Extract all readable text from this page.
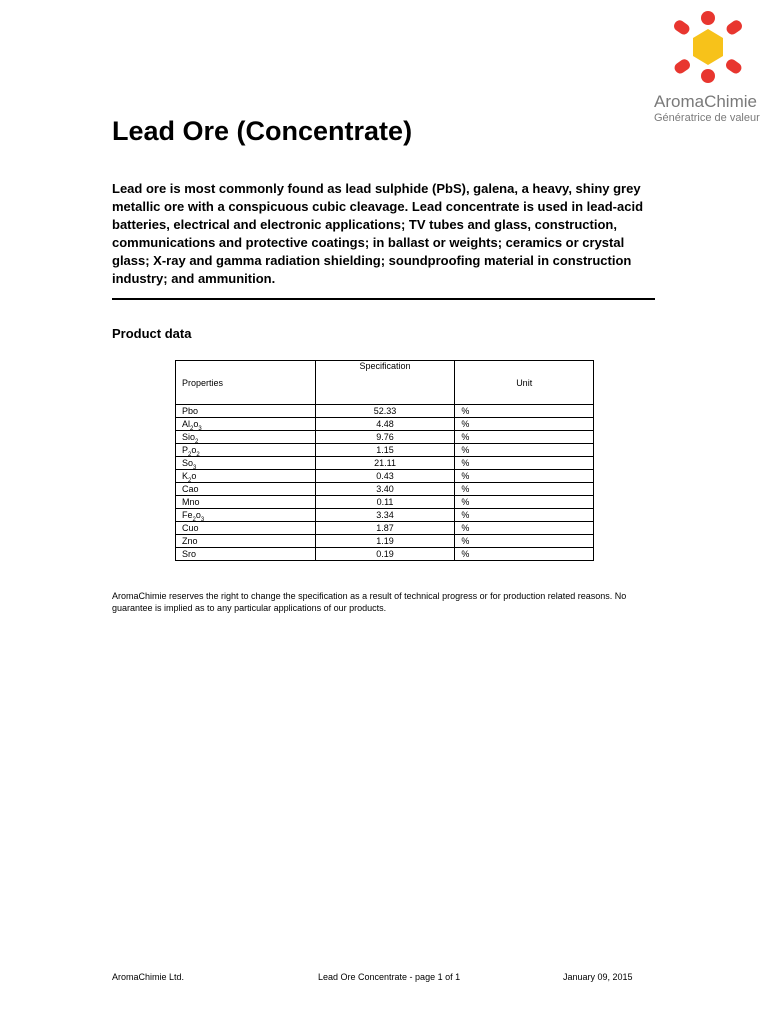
AromaChimie
Génératrice de valeur
Lead Ore (Concentrate)

Lead ore is most commonly found as lead sulphide (PbS), galena, a heavy, shiny grey metallic ore with a conspicuous cubic cleavage. Lead concentrate is used in lead-acid batteries, electrical and electronic applications; TV tubes and glass, construction, communications and protective coatings; in ballast or weights; ceramics or crystal glass; X-ray and gamma radiation shielding; soundproofing material in construction industry; and ammunition.

Product data
Properties	Specification	Unit
Pbo	52.33	%
$Al_2o_3$	4.48	%
Sio$_2$	9.76	%
$P_2o_2$	1.15	%
$So_3$	21.11	%
$K_2o$	0.43	%
Cao	3.40	%
Mno	0.11	%
$Fe_2o_3$	3.34	%
Cuo	1.87	%
Zno	1.19	%
Sro	0.19	%

AromaChimie reserves the right to change the specification as a result of technical progress or for production related reasons. No guarantee is implied as to any particular applications of our products.

AromaChimie Ltd.	Lead Ore Concentrate - page 1 of 1	January 09, 2015
